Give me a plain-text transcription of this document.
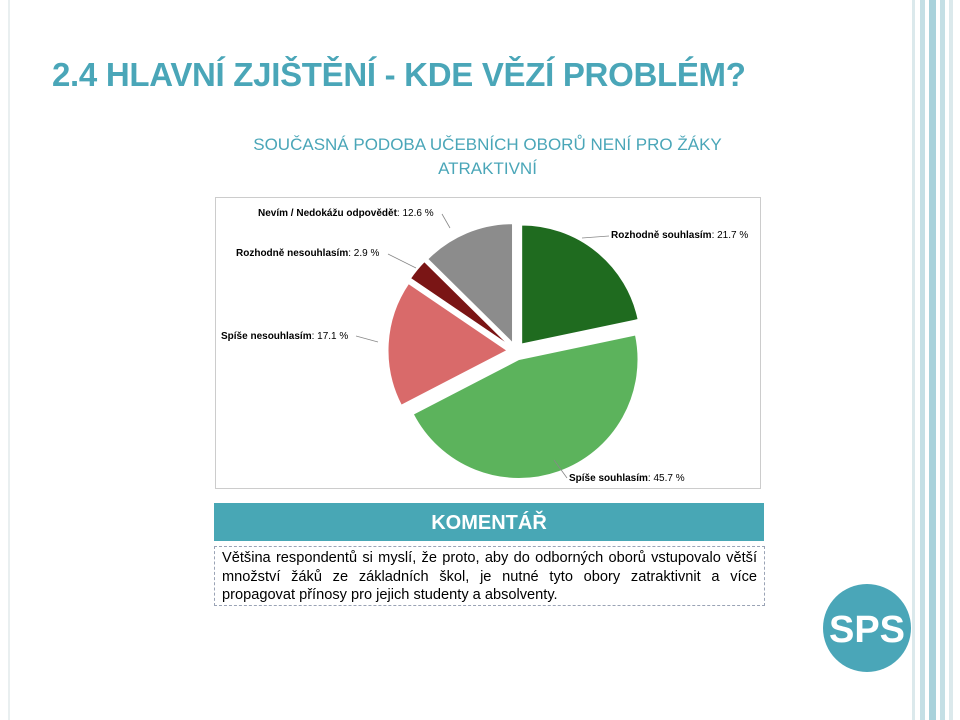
2.4 HLAVNÍ ZJIŠTĚNÍ - KDE VĚZÍ PROBLÉM?
SOUČASNÁ PODOBA UČEBNÍCH OBORŮ NENÍ PRO ŽÁKY
ATRAKTIVNÍ
Rozhodně souhlasím: 21.7 %
Spíše souhlasím: 45.7 %
Spíše nesouhlasím: 17.1 %
Rozhodně nesouhlasím: 2.9 %
Nevím / Nedokážu odpovědět: 12.6 %
KOMENTÁŘ

Většina respondentů si myslí, že proto, aby do odborných oborů vstupovalo větší množství žáků ze základních škol, je nutné tyto obory zatraktivnit a více propagovat přínosy pro jejich studenty a absolventy.

SPS
